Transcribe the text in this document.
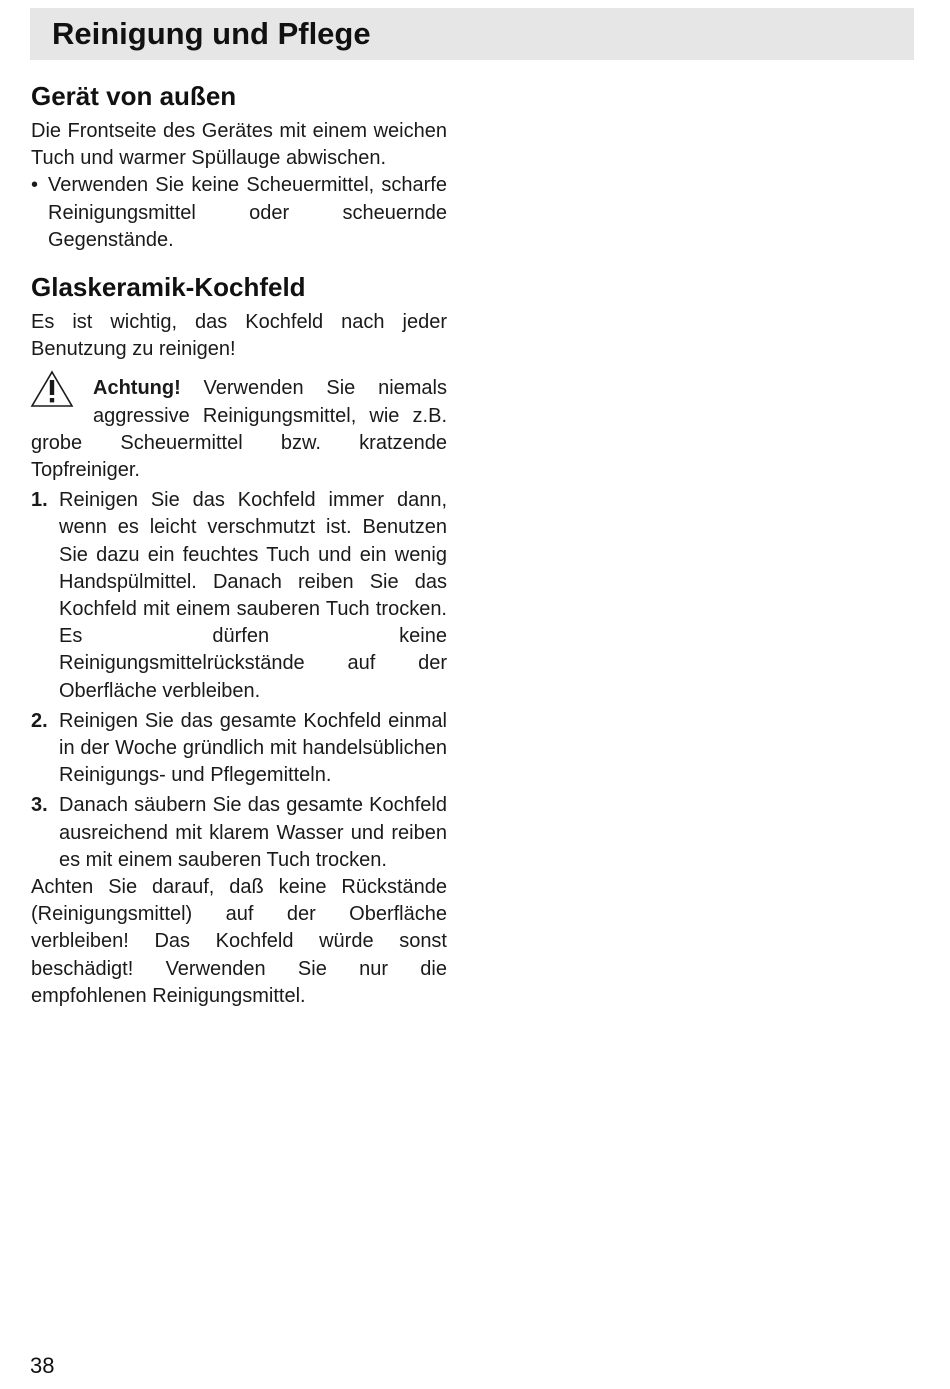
Reinigung und Pflege
Gerät von außen

Die Frontseite des Gerätes mit einem weichen Tuch und warmer Spüllauge abwischen.

• Verwenden Sie keine Scheuermittel, scharfe Reinigungsmittel oder scheuernde Gegenstände.
Glaskeramik-Kochfeld

Es ist wichtig, das Kochfeld nach jeder Benutzung zu reinigen!

Achtung! Verwenden Sie niemals aggressive Reinigungsmittel, wie z.B. grobe Scheuermittel bzw. kratzende Topfreiniger.
1. Reinigen Sie das Kochfeld immer dann, wenn es leicht verschmutzt ist. Benutzen Sie dazu ein feuchtes Tuch und ein wenig Handspülmittel. Danach reiben Sie das Kochfeld mit einem sauberen Tuch trocken. Es dürfen keine Reinigungsmittelrückstände auf der Oberfläche verbleiben.
2. Reinigen Sie das gesamte Kochfeld einmal in der Woche gründlich mit handelsüblichen Reinigungs- und Pflegemitteln.
3. Danach säubern Sie das gesamte Kochfeld ausreichend mit klarem Wasser und reiben es mit einem sauberen Tuch trocken.

Achten Sie darauf, daß keine Rückstände (Reinigungsmittel) auf der Oberfläche verbleiben! Das Kochfeld würde sonst beschädigt! Verwenden Sie nur die empfohlenen Reinigungsmittel.

38
